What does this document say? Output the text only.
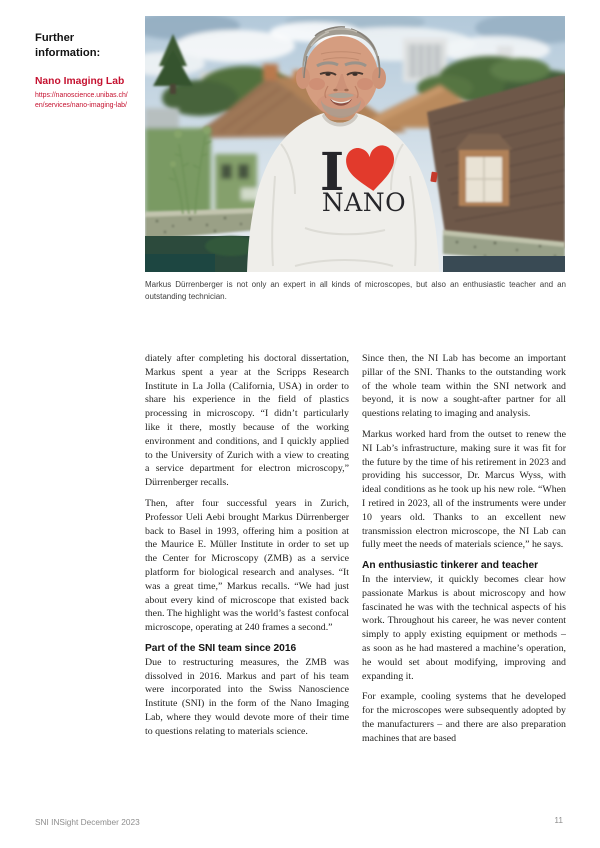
Further information:
Nano Imaging Lab
https://nanoscience.unibas.ch/
en/services/nano-imaging-lab/
I
NANO
Markus Dürrenberger is not only an expert in all kinds of microscopes, but also an enthusiastic teacher and an outstanding technician.

diately after completing his doctoral dissertation, Markus spent a year at the Scripps Research Institute in La Jolla (California, USA) in order to share his experience in the field of plastics processing in microscopy. “I didn’t particularly like it there, mostly because of the working environment and conditions, and I quickly applied to the University of Zurich with a view to creating a service department for electron microscopy,” Dürrenberger recalls.

Then, after four successful years in Zurich, Professor Ueli Aebi brought Markus Dürrenberger back to Basel in 1993, offering him a position at the Maurice E. Müller Institute in order to set up the Center for Microscopy (ZMB) as a service platform for biological research and analyses. “It was a great time,” Markus recalls. “We had just about every kind of microscope that existed back then. The highlight was the world’s fastest confocal microscope, operating at 240 frames a second.”

Part of the SNI team since 2016

Due to restructuring measures, the ZMB was dissolved in 2016. Markus and part of his team were incorporated into the Swiss Nanoscience Institute (SNI) in the form of the Nano Imaging Lab, where they would devote more of their time to questions relating to materials science.

Since then, the NI Lab has become an important pillar of the SNI. Thanks to the outstanding work of the whole team within the SNI network and beyond, it is now a sought-after partner for all questions relating to imaging and analysis.

Markus worked hard from the outset to renew the NI Lab’s infrastructure, making sure it was fit for the future by the time of his retirement in 2023 and providing his successor, Dr. Marcus Wyss, with ideal conditions as he took up his new role. “When I retired in 2023, all of the instruments were under 10 years old. Thanks to an excellent new transmission electron microscope, the NI Lab can fully meet the needs of materials science,” he says.

An enthusiastic tinkerer and teacher

In the interview, it quickly becomes clear how passionate Markus is about microscopy and how fascinated he was with the technical aspects of his work. Throughout his career, he was never content simply to apply existing equipment or methods – as soon as he had mastered a machine’s operation, he would set about modifying, improving and expanding it.

For example, cooling systems that he developed for the microscopes were subsequently adopted by the manufacturers – and there are also preparation machines that are based

SNI INSight December 2023	11
